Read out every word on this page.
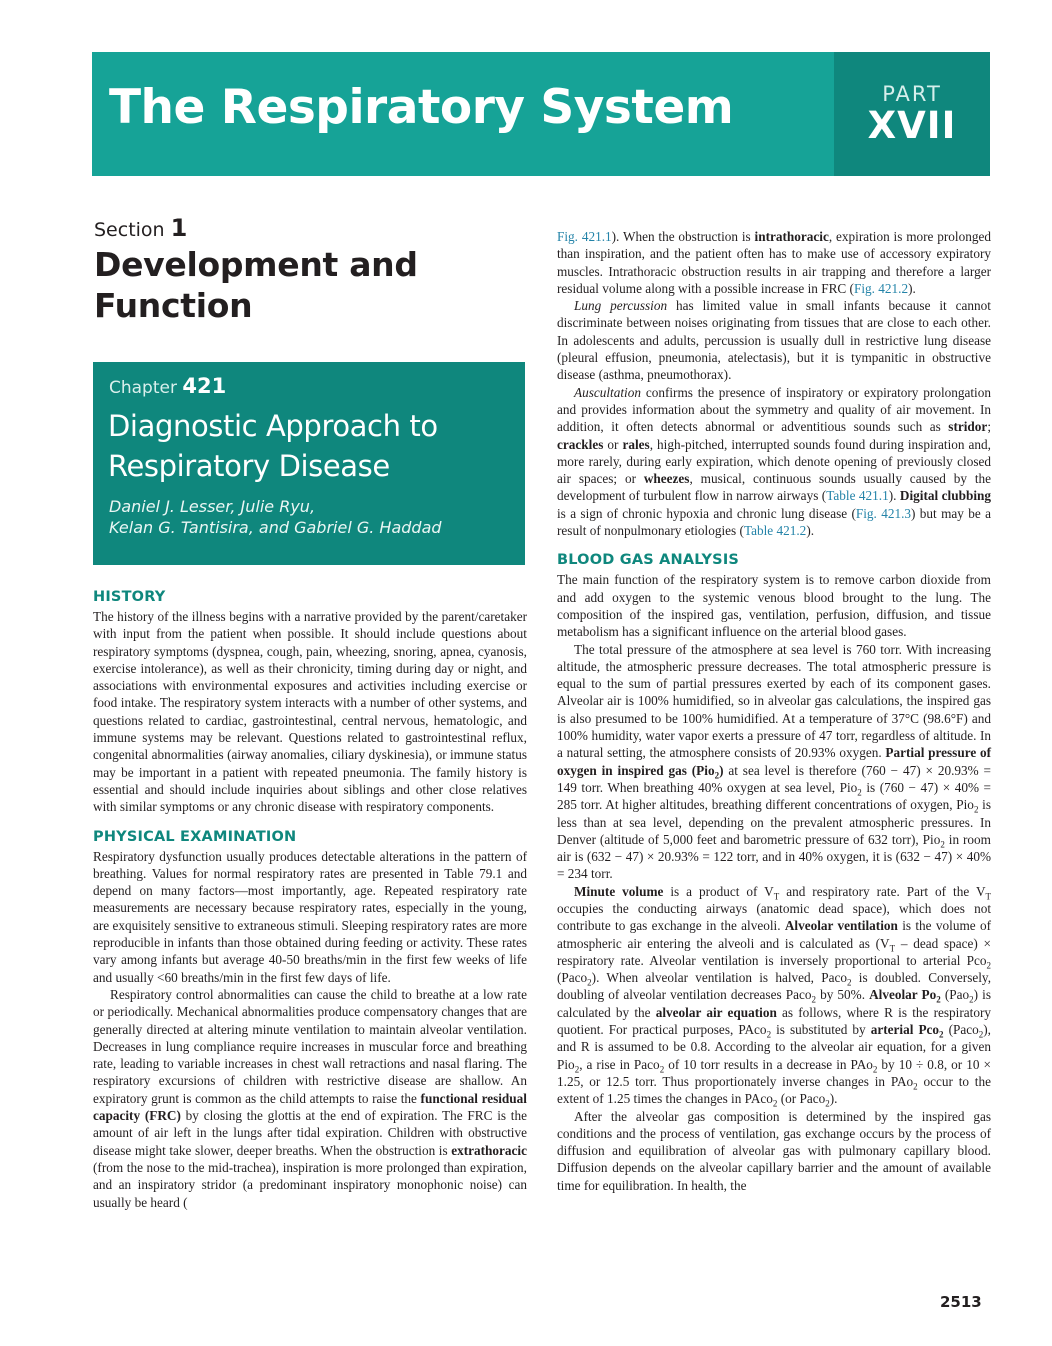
The Respiratory System	PART
XVII
Section 1
Development and Function
Chapter 421
Diagnostic Approach to Respiratory Disease
Daniel J. Lesser, Julie Ryu,
Kelan G. Tantisira, and Gabriel G. Haddad
HISTORY

The history of the illness begins with a narrative provided by the parent/caretaker with input from the patient when possible. It should include questions about respiratory symptoms (dyspnea, cough, pain, wheezing, snoring, apnea, cyanosis, exercise intolerance), as well as their chronicity, timing during day or night, and associations with environmental exposures and activities including exercise or food intake. The respiratory system interacts with a number of other systems, and questions related to cardiac, gastrointestinal, central nervous, hematologic, and immune systems may be relevant. Questions related to gastrointestinal reflux, congenital abnormalities (airway anomalies, ciliary dyskinesia), or immune status may be important in a patient with repeated pneumonia. The family history is essential and should include inquiries about siblings and other close relatives with similar symptoms or any chronic disease with respiratory components.

PHYSICAL EXAMINATION

Respiratory dysfunction usually produces detectable alterations in the pattern of breathing. Values for normal respiratory rates are presented in Table 79.1 and depend on many factors—most importantly, age. Repeated respiratory rate measurements are necessary because respiratory rates, especially in the young, are exquisitely sensitive to extraneous stimuli. Sleeping respiratory rates are more reproducible in infants than those obtained during feeding or activity. These rates vary among infants but average 40-50 breaths/min in the first few weeks of life and usually <60 breaths/min in the first few days of life.

Respiratory control abnormalities can cause the child to breathe at a low rate or periodically. Mechanical abnormalities produce compensatory changes that are generally directed at altering minute ventilation to maintain alveolar ventilation. Decreases in lung compliance require increases in muscular force and breathing rate, leading to variable increases in chest wall retractions and nasal flaring. The respiratory excursions of children with restrictive disease are shallow. An expiratory grunt is common as the child attempts to raise the functional residual capacity (FRC) by closing the glottis at the end of expiration. The FRC is the amount of air left in the lungs after tidal expiration. Children with obstructive disease might take slower, deeper breaths. When the obstruction is extrathoracic (from the nose to the mid-trachea), inspiration is more prolonged than expiration, and an inspiratory stridor (a predominant inspiratory monophonic noise) can usually be heard (

Fig. 421.1). When the obstruction is intrathoracic, expiration is more prolonged than inspiration, and the patient often has to make use of accessory expiratory muscles. Intrathoracic obstruction results in air trapping and therefore a larger residual volume along with a possible increase in FRC (Fig. 421.2).

Lung percussion has limited value in small infants because it cannot discriminate between noises originating from tissues that are close to each other. In adolescents and adults, percussion is usually dull in restrictive lung disease (pleural effusion, pneumonia, atelectasis), but it is tympanitic in obstructive disease (asthma, pneumothorax).

Auscultation confirms the presence of inspiratory or expiratory prolongation and provides information about the symmetry and quality of air movement. In addition, it often detects abnormal or adventitious sounds such as stridor; crackles or rales, high-pitched, interrupted sounds found during inspiration and, more rarely, during early expiration, which denote opening of previously closed air spaces; or wheezes, musical, continuous sounds usually caused by the development of turbulent flow in narrow airways (Table 421.1). Digital clubbing is a sign of chronic hypoxia and chronic lung disease (Fig. 421.3) but may be a result of nonpulmonary etiologies (Table 421.2).

BLOOD GAS ANALYSIS

The main function of the respiratory system is to remove carbon dioxide from and add oxygen to the systemic venous blood brought to the lung. The composition of the inspired gas, ventilation, perfusion, diffusion, and tissue metabolism has a significant influence on the arterial blood gases.

The total pressure of the atmosphere at sea level is 760 torr. With increasing altitude, the atmospheric pressure decreases. The total atmospheric pressure is equal to the sum of partial pressures exerted by each of its component gases. Alveolar air is 100% humidified, so in alveolar gas calculations, the inspired gas is also presumed to be 100% humidified. At a temperature of 37°C (98.6°F) and 100% humidity, water vapor exerts a pressure of 47 torr, regardless of altitude. In a natural setting, the atmosphere consists of 20.93% oxygen. Partial pressure of oxygen in inspired gas (Pio$_2$) at sea level is therefore (760 − 47) × 20.93% = 149 torr. When breathing 40% oxygen at sea level, Pio$_2$ is (760 − 47) × 40% = 285 torr. At higher altitudes, breathing different concentrations of oxygen, Pio$_2$ is less than at sea level, depending on the prevalent atmospheric pressures. In Denver (altitude of 5,000 feet and barometric pressure of 632 torr), Pio$_2$ in room air is (632 − 47) × 20.93% = 122 torr, and in 40% oxygen, it is (632 − 47) × 40% = 234 torr.

Minute volume is a product of $V_T$ and respiratory rate. Part of the $V_T$ occupies the conducting airways (anatomic dead space), which does not contribute to gas exchange in the alveoli. Alveolar ventilation is the volume of atmospheric air entering the alveoli and is calculated as ($V_T$ – dead space) × respiratory rate. Alveolar ventilation is inversely proportional to arterial Pco$_2$ (Paco$_2$). When alveolar ventilation is halved, Paco$_2$ is doubled. Conversely, doubling of alveolar ventilation decreases Paco$_2$ by 50%. Alveolar $Po_2$ (Pao$_2$) is calculated by the alveolar air equation as follows, where R is the respiratory quotient. For practical purposes, PAco$_2$ is substituted by arterial Pco$_2$ (Paco$_2$), and R is assumed to be 0.8. According to the alveolar air equation, for a given Pio$_2$, a rise in Paco$_2$ of 10 torr results in a decrease in PAo$_2$ by 10 ÷ 0.8, or 10 × 1.25, or 12.5 torr. Thus proportionately inverse changes in PAo$_2$ occur to the extent of 1.25 times the changes in PAco$_2$ (or Paco$_2$).

After the alveolar gas composition is determined by the inspired gas conditions and the process of ventilation, gas exchange occurs by the process of diffusion and equilibration of alveolar gas with pulmonary capillary blood. Diffusion depends on the alveolar capillary barrier and the amount of available time for equilibration. In health, the

2513
